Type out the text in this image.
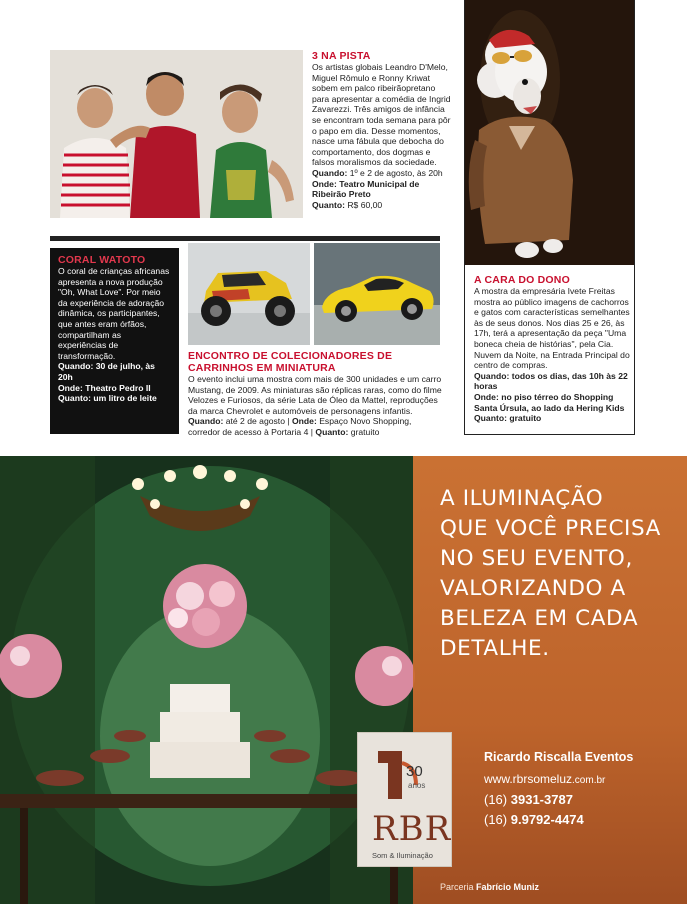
3 NA PISTA
Os artistas globais Leandro D'Melo, Miguel Rômulo e Ronny Kriwat sobem em palco ribeirãopretano para apresentar a comédia de Ingrid Zavarezzi. Três amigos de infância se encontram toda semana para pôr o papo em dia. Desse momentos, nasce uma fábula que debocha do comportamento, dos dogmas e falsos moralismos da sociedade.
Quando: 1º e 2 de agosto, às 20h
Onde: Teatro Municipal de Ribeirão Preto
Quanto: R$ 60,00
CORAL WATOTO
O coral de crianças africanas apresenta a nova produção "Oh, What Love". Por meio da experiência de adoração dinâmica, os participantes, que antes eram órfãos, compartilham as experiências de transformação.
Quando: 30 de julho, às 20h
Onde: Theatro Pedro II
Quanto: um litro de leite
ENCONTRO DE COLECIONADORES DE CARRINHOS EM MINIATURA
O evento inclui uma mostra com mais de 300 unidades e um carro Mustang, de 2009. As miniaturas são réplicas raras, como do filme Velozes e Furiosos, da série Lata de Óleo da Mattel, reproduções da marca Chevrolet e automóveis de personagens infantis.
Quando: até 2 de agosto | Onde: Espaço Novo Shopping, corredor de acesso à Portaria 4 | Quanto: gratuito
A CARA DO DONO
A mostra da empresária Ivete Freitas mostra ao público imagens de cachorros e gatos com características semelhantes às de seus donos. Nos dias 25 e 26, às 17h, terá a apresentação da peça "Uma boneca cheia de histórias", pela Cia. Nuvem da Noite, na Entrada Principal do centro de compras.
Quando: todos os dias, das 10h às 22 horas
Onde: no piso térreo do Shopping Santa Úrsula, ao lado da Hering Kids
Quanto: gratuito
A ILUMINAÇÃO
QUE VOCÊ PRECISA
NO SEU EVENTO,
VALORIZANDO A
BELEZA EM CADA
DETALHE.
30
anos
RBR
Som & Iluminação
Ricardo Riscalla Eventos
www.rbrsomeluz.com.br
(16) 3931-3787
(16) 9.9792-4474
Parceria Fabrício Muniz
